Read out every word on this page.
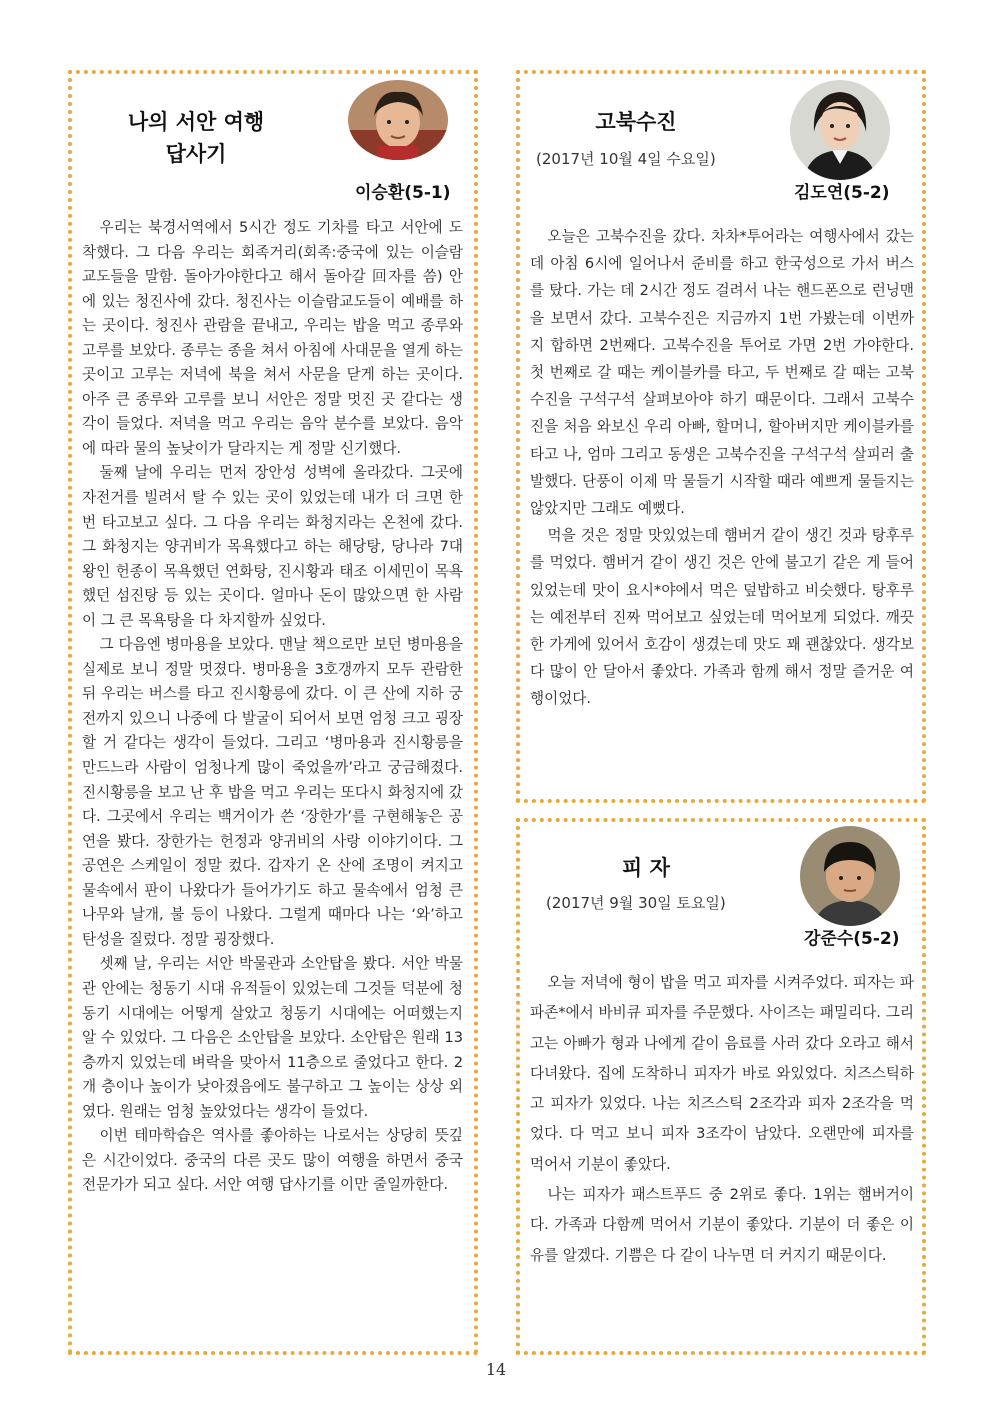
나의 서안 여행
답사기
이승환(5-1)

우리는 북경서역에서 5시간 정도 기차를 타고 서안에 도착했다. 그 다음 우리는 회족거리(회족:중국에 있는 이슬람교도들을 말함. 돌아가야한다고 해서 돌아갈 回자를 씀) 안에 있는 청진사에 갔다. 청진사는 이슬람교도들이 예배를 하는 곳이다. 청진사 관람을 끝내고, 우리는 밥을 먹고 종루와 고루를 보았다. 종루는 종을 쳐서 아침에 사대문을 열게 하는 곳이고 고루는 저녁에 북을 쳐서 사문을 닫게 하는 곳이다. 아주 큰 종루와 고루를 보니 서안은 정말 멋진 곳 같다는 생각이 들었다. 저녁을 먹고 우리는 음악 분수를 보았다. 음악에 따라 물의 높낮이가 달라지는 게 정말 신기했다.

둘째 날에 우리는 먼저 장안성 성벽에 올라갔다. 그곳에 자전거를 빌려서 탈 수 있는 곳이 있었는데 내가 더 크면 한 번 타고보고 싶다. 그 다음 우리는 화청지라는 온천에 갔다. 그 화청지는 양귀비가 목욕했다고 하는 해당탕, 당나라 7대 왕인 헌종이 목욕했던 연화탕, 진시황과 태조 이세민이 목욕했던 섬진탕 등 있는 곳이다. 얼마나 돈이 많았으면 한 사람이 그 큰 목욕탕을 다 차지할까 싶었다.

그 다음엔 병마용을 보았다. 맨날 책으로만 보던 병마용을 실제로 보니 정말 멋졌다. 병마용을 3호갱까지 모두 관람한 뒤 우리는 버스를 타고 진시황릉에 갔다. 이 큰 산에 지하 궁전까지 있으니 나중에 다 발굴이 되어서 보면 엄청 크고 굉장할 거 같다는 생각이 들었다. 그리고 ‘병마용과 진시황릉을 만드느라 사람이 엄청나게 많이 죽었을까’라고 궁금해졌다. 진시황릉을 보고 난 후 밥을 먹고 우리는 또다시 화청지에 갔다. 그곳에서 우리는 백거이가 쓴 ‘장한가’를 구현해놓은 공연을 봤다. 장한가는 헌정과 양귀비의 사랑 이야기이다. 그 공연은 스케일이 정말 컸다. 갑자기 온 산에 조명이 켜지고 물속에서 판이 나왔다가 들어가기도 하고 물속에서 엄청 큰 나무와 날개, 불 등이 나왔다. 그럴게 때마다 나는 ‘와’하고 탄성을 질렀다. 정말 굉장했다.

셋째 날, 우리는 서안 박물관과 소안탑을 봤다. 서안 박물관 안에는 청동기 시대 유적들이 있었는데 그것들 덕분에 청동기 시대에는 어떻게 살았고 청동기 시대에는 어떠했는지 알 수 있었다. 그 다음은 소안탑을 보았다. 소안탑은 원래 13층까지 있었는데 벼락을 맞아서 11층으로 줄었다고 한다. 2개 층이나 높이가 낮아졌음에도 불구하고 그 높이는 상상 외였다. 원래는 엄청 높았었다는 생각이 들었다.

이번 테마학습은 역사를 좋아하는 나로서는 상당히 뜻깊은 시간이었다. 중국의 다른 곳도 많이 여행을 하면서 중국 전문가가 되고 싶다. 서안 여행 답사기를 이만 줄일까한다.

고북수진
(2017년 10월 4일 수요일)
김도연(5-2)

오늘은 고북수진을 갔다. 차차*투어라는 여행사에서 갔는데 아침 6시에 일어나서 준비를 하고 한국성으로 가서 버스를 탔다. 가는 데 2시간 정도 걸려서 나는 핸드폰으로 런닝맨을 보면서 갔다. 고북수진은 지금까지 1번 가봤는데 이번까지 합하면 2번째다. 고북수진을 투어로 가면 2번 가야한다. 첫 번째로 갈 때는 케이블카를 타고, 두 번째로 갈 때는 고북수진을 구석구석 살펴보아야 하기 때문이다. 그래서 고북수진을 처음 와보신 우리 아빠, 할머니, 할아버지만 케이블카를 타고 나, 엄마 그리고 동생은 고북수진을 구석구석 살피러 출발했다. 단풍이 이제 막 물들기 시작할 때라 예쁘게 물들지는 않았지만 그래도 예뻤다.

먹을 것은 정말 맛있었는데 햄버거 같이 생긴 것과 탕후루를 먹었다. 햄버거 같이 생긴 것은 안에 불고기 같은 게 들어있었는데 맛이 요시*야에서 먹은 덮밥하고 비슷했다. 탕후루는 예전부터 진짜 먹어보고 싶었는데 먹어보게 되었다. 깨끗한 가게에 있어서 호감이 생겼는데 맛도 꽤 괜찮았다. 생각보다 많이 안 달아서 좋았다. 가족과 함께 해서 정말 즐거운 여행이었다.

피 자
(2017년 9월 30일 토요일)
강준수(5-2)

오늘 저녁에 형이 밥을 먹고 피자를 시켜주었다. 피자는 파파존*에서 바비큐 피자를 주문했다. 사이즈는 패밀리다. 그리고는 아빠가 형과 나에게 같이 음료를 사러 갔다 오라고 해서 다녀왔다. 집에 도착하니 피자가 바로 와있었다. 치즈스틱하고 피자가 있었다. 나는 치즈스틱 2조각과 피자 2조각을 먹었다. 다 먹고 보니 피자 3조각이 남았다. 오랜만에 피자를 먹어서 기분이 좋았다.

나는 피자가 패스트푸드 중 2위로 좋다. 1위는 햄버거이다. 가족과 다함께 먹어서 기분이 좋았다. 기분이 더 좋은 이유를 알겠다. 기쁨은 다 같이 나누면 더 커지기 때문이다.

14
